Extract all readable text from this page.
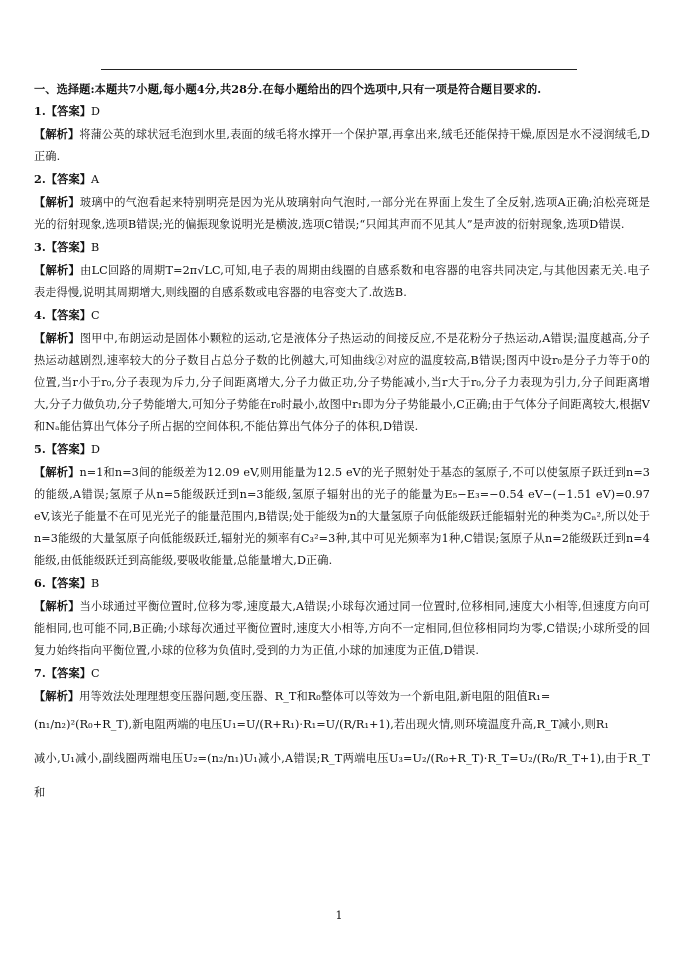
一、选择题:本题共7小题,每小题4分,共28分.在每小题给出的四个选项中,只有一项是符合题目要求的.

1.【答案】D

【解析】将蒲公英的球状冠毛泡到水里,表面的绒毛将水撑开一个保护罩,再拿出来,绒毛还能保持干燥,原因是水不浸润绒毛,D正确.

2.【答案】A

【解析】玻璃中的气泡看起来特别明亮是因为光从玻璃射向气泡时,一部分光在界面上发生了全反射,选项A正确;泊松亮斑是光的衍射现象,选项B错误;光的偏振现象说明光是横波,选项C错误;“只闻其声而不见其人”是声波的衍射现象,选项D错误.

3.【答案】B

【解析】由LC回路的周期T=2π√LC,可知,电子表的周期由线圈的自感系数和电容器的电容共同决定,与其他因素无关.电子表走得慢,说明其周期增大,则线圈的自感系数或电容器的电容变大了.故选B.

4.【答案】C

【解析】图甲中,布朗运动是固体小颗粒的运动,它是液体分子热运动的间接反应,不是花粉分子热运动,A错误;温度越高,分子热运动越剧烈,速率较大的分子数目占总分子数的比例越大,可知曲线②对应的温度较高,B错误;图丙中设r₀是分子力等于0的位置,当r小于r₀,分子表现为斥力,分子间距离增大,分子力做正功,分子势能减小,当r大于r₀,分子力表现为引力,分子间距离增大,分子力做负功,分子势能增大,可知分子势能在r₀时最小,故图中r₁即为分子势能最小,C正确;由于气体分子间距离较大,根据V和Nₐ能估算出气体分子所占据的空间体积,不能估算出气体分子的体积,D错误.

5.【答案】D

【解析】n=1和n=3间的能级差为12.09 eV,则用能量为12.5 eV的光子照射处于基态的氢原子,不可以使氢原子跃迁到n=3的能级,A错误;氢原子从n=5能级跃迁到n=3能级,氢原子辐射出的光子的能量为E₅−E₃=−0.54 eV−(−1.51 eV)=0.97 eV,该光子能量不在可见光光子的能量范围内,B错误;处于能级为n的大量氢原子向低能级跃迁能辐射光的种类为Cₙ²,所以处于n=3能级的大量氢原子向低能级跃迁,辐射光的频率有C₃²=3种,其中可见光频率为1种,C错误;氢原子从n=2能级跃迁到n=4能级,由低能级跃迁到高能级,要吸收能量,总能量增大,D正确.

6.【答案】B

【解析】当小球通过平衡位置时,位移为零,速度最大,A错误;小球每次通过同一位置时,位移相同,速度大小相等,但速度方向可能相同,也可能不同,B正确;小球每次通过平衡位置时,速度大小相等,方向不一定相同,但位移相同均为零,C错误;小球所受的回复力始终指向平衡位置,小球的位移为负值时,受到的力为正值,小球的加速度为正值,D错误.

7.【答案】C

【解析】用等效法处理理想变压器问题,变压器、R_T和R₀整体可以等效为一个新电阻,新电阻的阻值R₁=

(n₁/n₂)²(R₀+R_T),新电阻两端的电压U₁=U/(R+R₁)·R₁=U/(R/R₁+1),若出现火情,则环境温度升高,R_T减小,则R₁

减小,U₁减小,副线圈两端电压U₂=(n₂/n₁)U₁减小,A错误;R_T两端电压U₃=U₂/(R₀+R_T)·R_T=U₂/(R₀/R_T+1),由于R_T和

1
